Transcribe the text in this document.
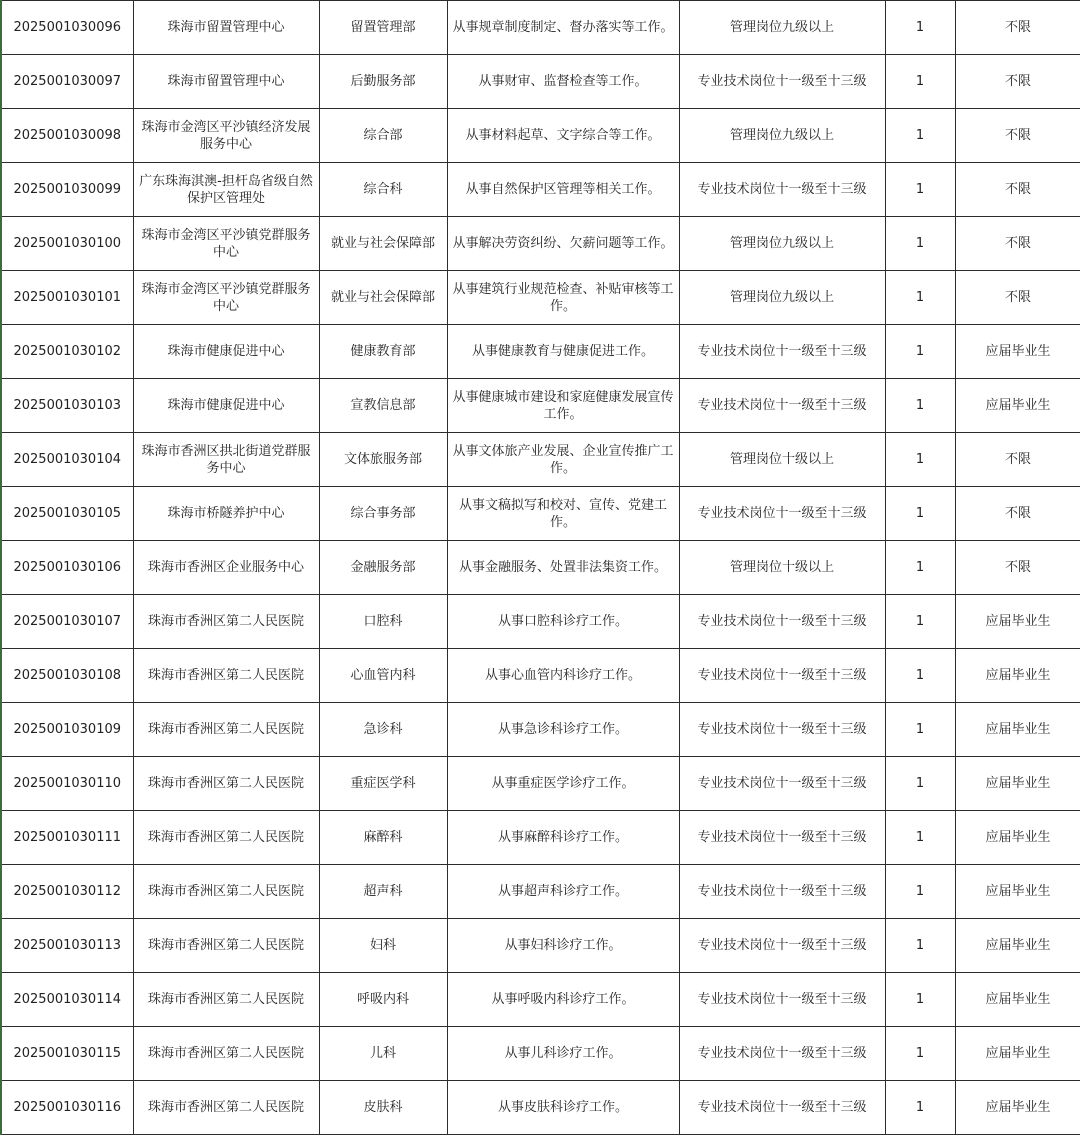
2025001030096	珠海市留置管理中心	留置管理部	从事规章制度制定、督办落实等工作。	管理岗位九级以上	1	不限
2025001030097	珠海市留置管理中心	后勤服务部	从事财审、监督检查等工作。	专业技术岗位十一级至十三级	1	不限
2025001030098	珠海市金湾区平沙镇经济发展服务中心	综合部	从事材料起草、文字综合等工作。	管理岗位九级以上	1	不限
2025001030099	广东珠海淇澳-担杆岛省级自然保护区管理处	综合科	从事自然保护区管理等相关工作。	专业技术岗位十一级至十三级	1	不限
2025001030100	珠海市金湾区平沙镇党群服务中心	就业与社会保障部	从事解决劳资纠纷、欠薪问题等工作。	管理岗位九级以上	1	不限
2025001030101	珠海市金湾区平沙镇党群服务中心	就业与社会保障部	从事建筑行业规范检查、补贴审核等工作。	管理岗位九级以上	1	不限
2025001030102	珠海市健康促进中心	健康教育部	从事健康教育与健康促进工作。	专业技术岗位十一级至十三级	1	应届毕业生
2025001030103	珠海市健康促进中心	宣教信息部	从事健康城市建设和家庭健康发展宣传工作。	专业技术岗位十一级至十三级	1	应届毕业生
2025001030104	珠海市香洲区拱北街道党群服务中心	文体旅服务部	从事文体旅产业发展、企业宣传推广工作。	管理岗位十级以上	1	不限
2025001030105	珠海市桥隧养护中心	综合事务部	从事文稿拟写和校对、宣传、党建工作。	专业技术岗位十一级至十三级	1	不限
2025001030106	珠海市香洲区企业服务中心	金融服务部	从事金融服务、处置非法集资工作。	管理岗位十级以上	1	不限
2025001030107	珠海市香洲区第二人民医院	口腔科	从事口腔科诊疗工作。	专业技术岗位十一级至十三级	1	应届毕业生
2025001030108	珠海市香洲区第二人民医院	心血管内科	从事心血管内科诊疗工作。	专业技术岗位十一级至十三级	1	应届毕业生
2025001030109	珠海市香洲区第二人民医院	急诊科	从事急诊科诊疗工作。	专业技术岗位十一级至十三级	1	应届毕业生
2025001030110	珠海市香洲区第二人民医院	重症医学科	从事重症医学诊疗工作。	专业技术岗位十一级至十三级	1	应届毕业生
2025001030111	珠海市香洲区第二人民医院	麻醉科	从事麻醉科诊疗工作。	专业技术岗位十一级至十三级	1	应届毕业生
2025001030112	珠海市香洲区第二人民医院	超声科	从事超声科诊疗工作。	专业技术岗位十一级至十三级	1	应届毕业生
2025001030113	珠海市香洲区第二人民医院	妇科	从事妇科诊疗工作。	专业技术岗位十一级至十三级	1	应届毕业生
2025001030114	珠海市香洲区第二人民医院	呼吸内科	从事呼吸内科诊疗工作。	专业技术岗位十一级至十三级	1	应届毕业生
2025001030115	珠海市香洲区第二人民医院	儿科	从事儿科诊疗工作。	专业技术岗位十一级至十三级	1	应届毕业生
2025001030116	珠海市香洲区第二人民医院	皮肤科	从事皮肤科诊疗工作。	专业技术岗位十一级至十三级	1	应届毕业生
